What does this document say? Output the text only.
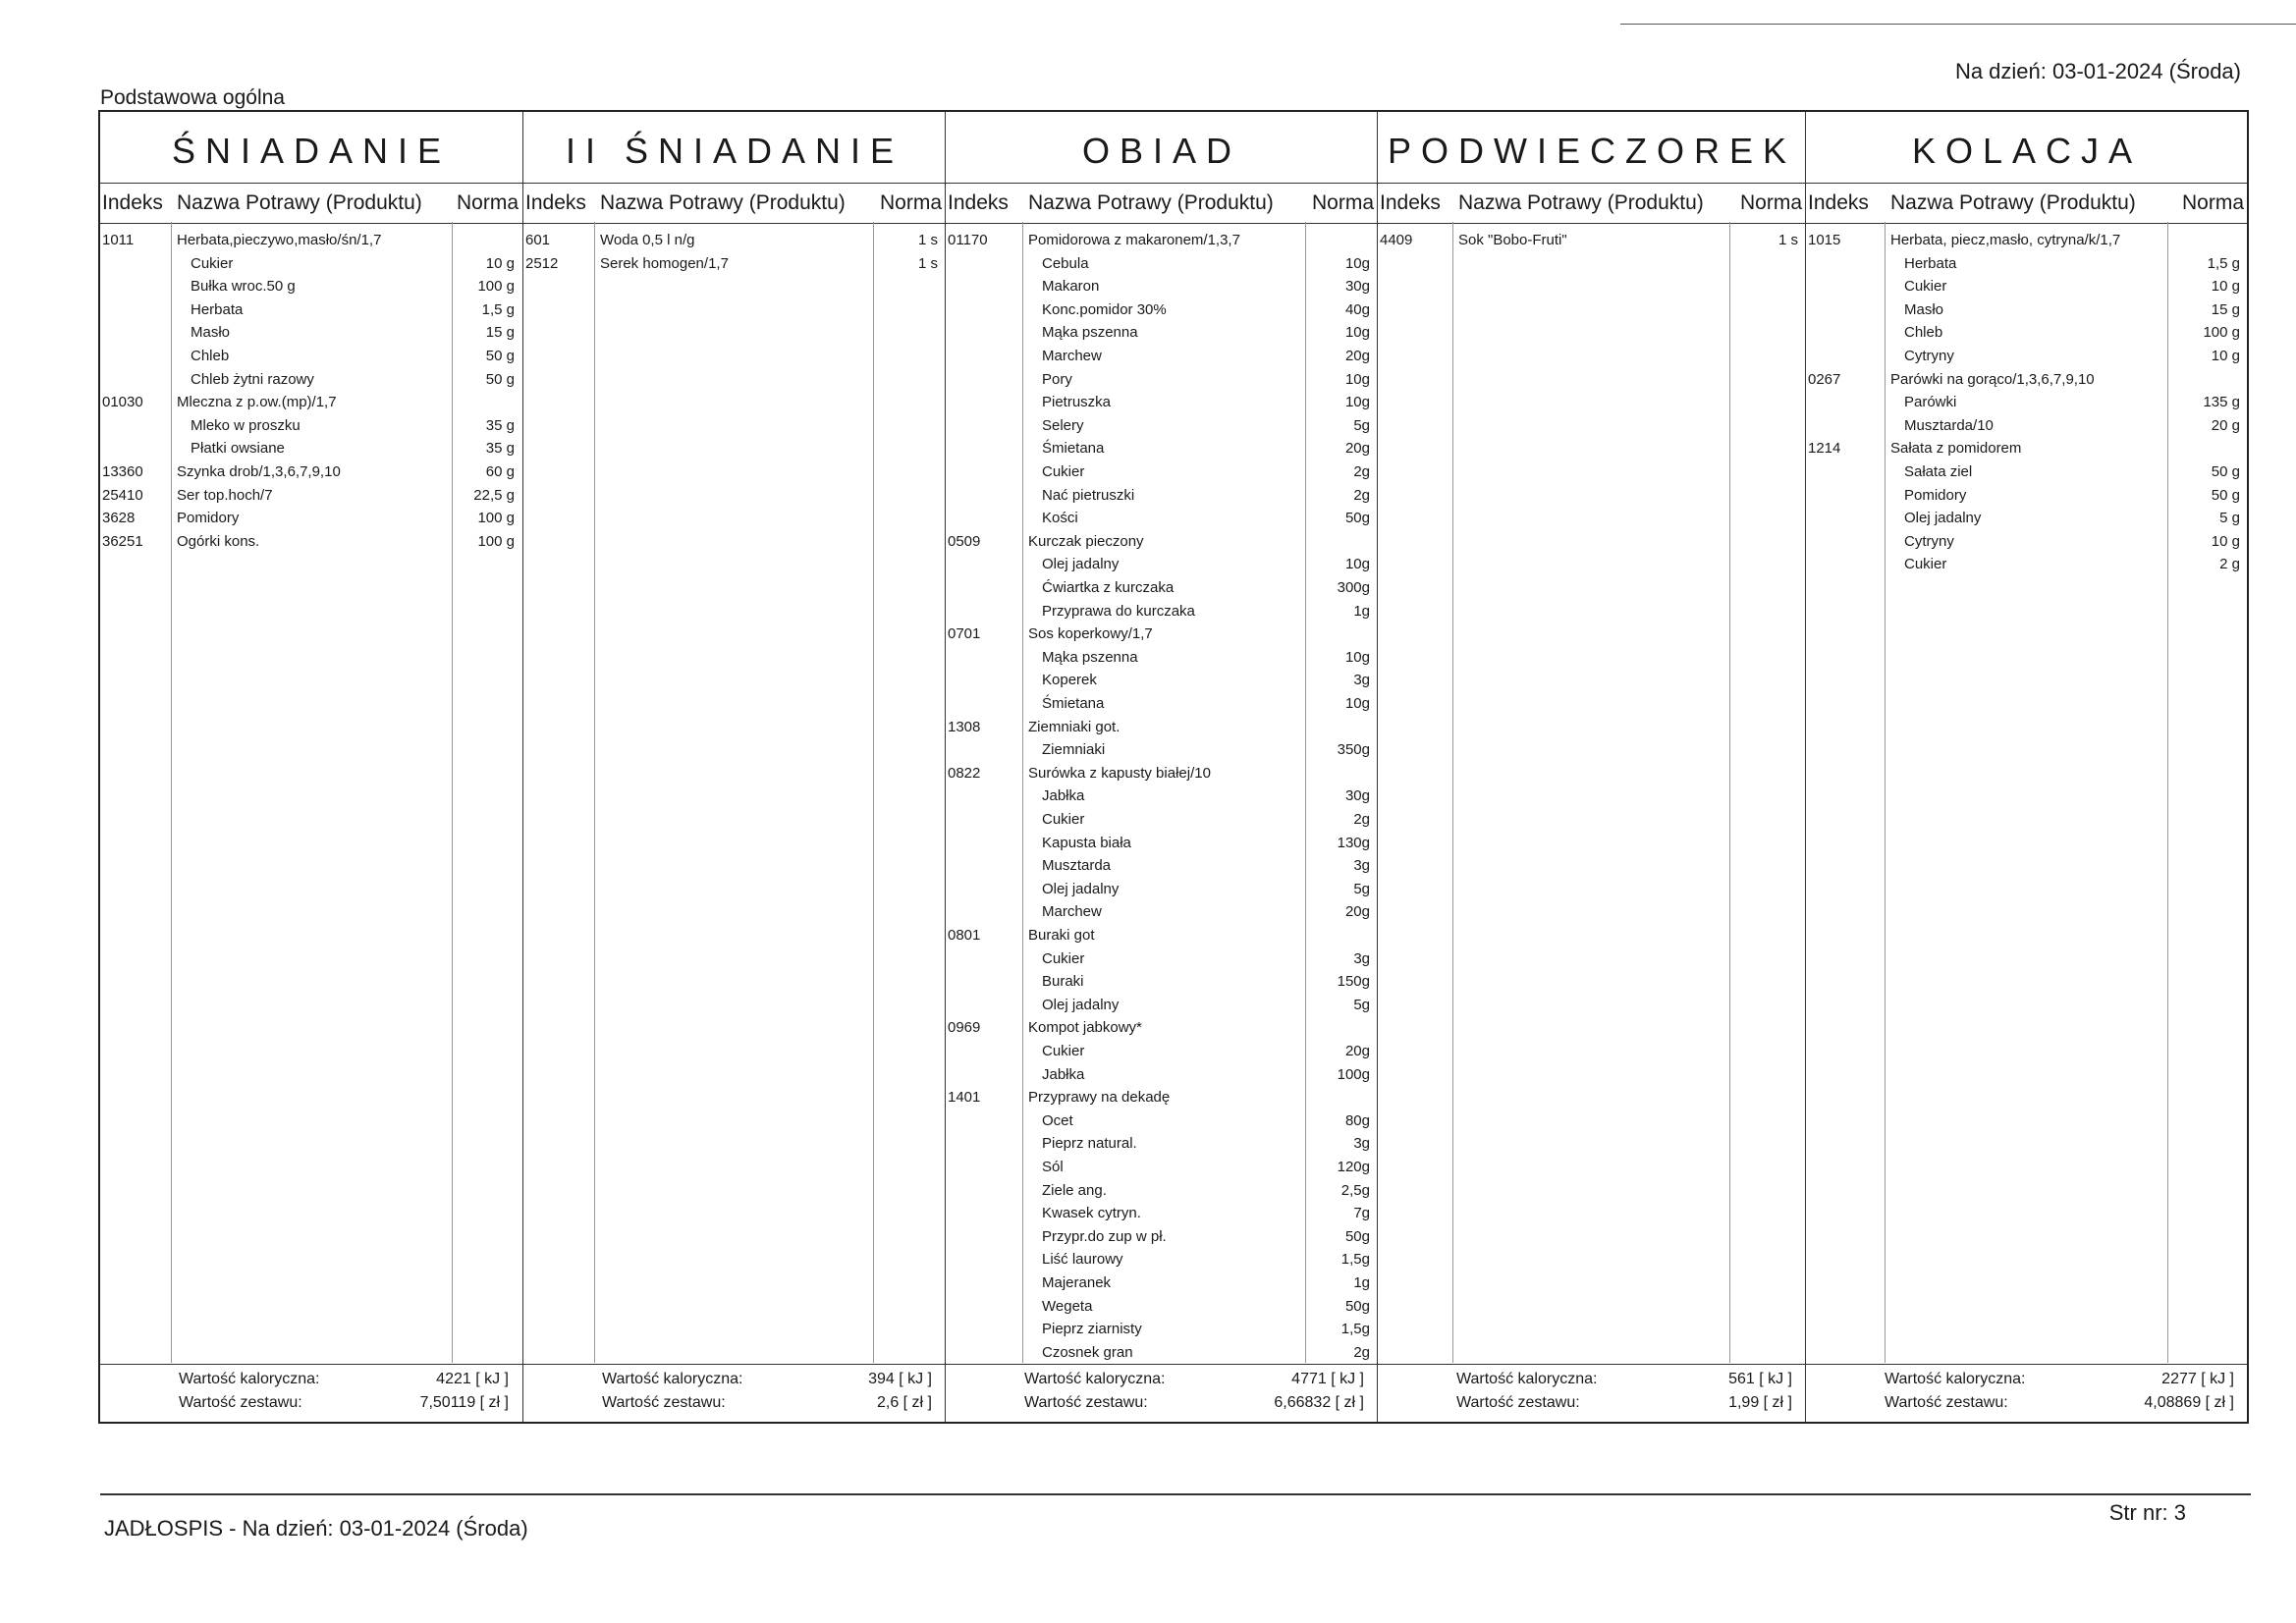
Na dzień: 03-01-2024 (Środa)
Podstawowa ogólna
ŚNIADANIE
Indeks Nazwa Potrawy (Produktu) Norma
1011	Herbata,pieczywo,masło/śn/1,7
Cukier	10 g
Bułka wroc.50 g	100 g
Herbata	1,5 g
Masło	15 g
Chleb	50 g
Chleb żytni razowy	50 g
01030 Mleczna z p.ow.(mp)/1,7
Mleko w proszku	35 g
Płatki owsiane	35 g
13360 Szynka drob/1,3,6,7,9,10	60 g
25410 Ser top.hoch/7	22,5 g
3628	Pomidory	100 g
36251 Ogórki kons.	100 g
Wartość kaloryczna:	4221 [ kJ ]
Wartość zestawu:	7,50119 [ zł ]
II ŚNIADANIE
Indeks Nazwa Potrawy (Produktu) Norma
601	Woda 0,5 l n/g	1 s
2512	Serek homogen/1,7	1 s
Wartość kaloryczna:	394 [ kJ ]
Wartość zestawu:	2,6 [ zł ]
OBIAD
Indeks Nazwa Potrawy (Produktu) Norma
01170	Pomidorowa z makaronem/1,3,7
Cebula	10g
Makaron	30g
Konc.pomidor 30%	40g
Mąka pszenna	10g
Marchew	20g
Pory	10g
Pietruszka	10g
Selery	5g
Śmietana	20g
Cukier	2g
Nać pietruszki	2g
Kości	50g
0509	Kurczak pieczony
Olej jadalny	10g
Ćwiartka z kurczaka	300g
Przyprawa do kurczaka	1g
0701	Sos koperkowy/1,7
Mąka pszenna	10g
Koperek	3g
Śmietana	10g
1308	Ziemniaki got.
Ziemniaki	350g
0822	Surówka z kapusty białej/10
Jabłka	30g
Cukier	2g
Kapusta biała	130g
Musztarda	3g
Olej jadalny	5g
Marchew	20g
0801	Buraki got
Cukier	3g
Buraki	150g
Olej jadalny	5g
0969	Kompot jabkowy*
Cukier	20g
Jabłka	100g
1401	Przyprawy na dekadę
Ocet	80g
Pieprz natural.	3g
Sól	120g
Ziele ang.	2,5g
Kwasek cytryn.	7g
Przypr.do zup w pł.	50g
Liść laurowy	1,5g
Majeranek	1g
Wegeta	50g
Pieprz ziarnisty	1,5g
Czosnek gran	2g
Wartość kaloryczna:	4771 [ kJ ]
Wartość zestawu:	6,66832 [ zł ]
PODWIECZOREK
Indeks Nazwa Potrawy (Produktu) Norma
4409	Sok "Bobo-Fruti"	1 s
Wartość kaloryczna:	561 [ kJ ]
Wartość zestawu:	1,99 [ zł ]
KOLACJA
Indeks Nazwa Potrawy (Produktu) Norma
1015	Herbata, piecz,masło, cytryna/k/1,7
Herbata	1,5 g
Cukier	10 g
Masło	15 g
Chleb	100 g
Cytryny	10 g
0267	Parówki na gorąco/1,3,6,7,9,10
Parówki	135 g
Musztarda/10	20 g
1214	Sałata z pomidorem
Sałata ziel	50 g
Pomidory	50 g
Olej jadalny	5 g
Cytryny	10 g
Cukier	2 g
Wartość kaloryczna:	2277 [ kJ ]
Wartość zestawu:	4,08869 [ zł ]
JADŁOSPIS - Na dzień: 03-01-2024 (Środa)
Str nr: 3
